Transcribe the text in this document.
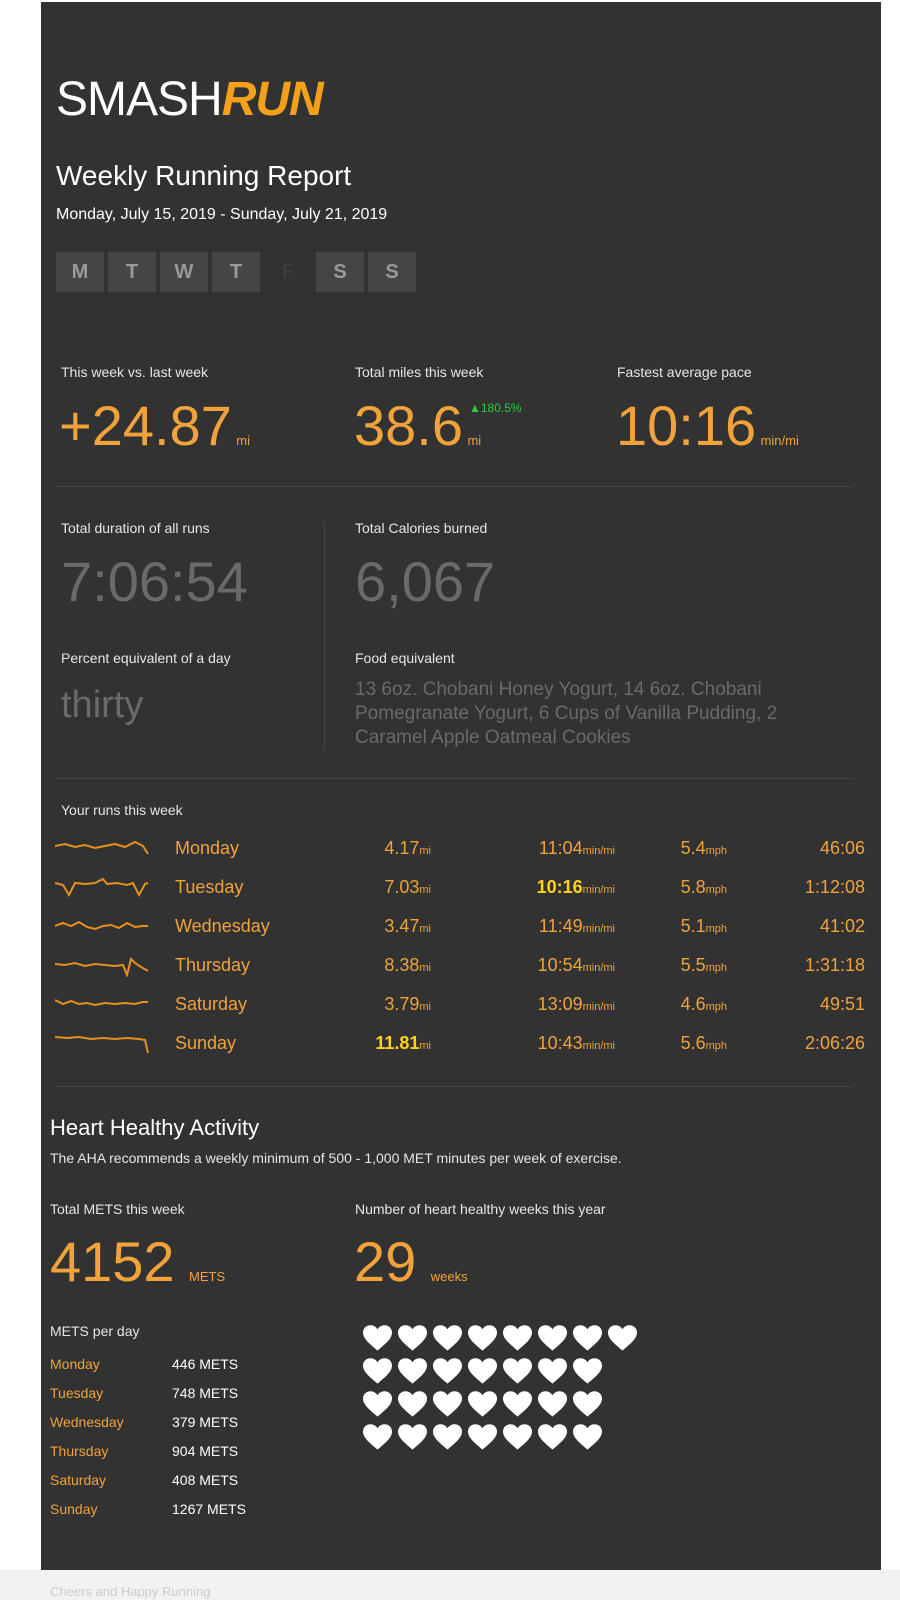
SMASHRUN
Weekly Running Report
Monday, July 15, 2019 - Sunday, July 21, 2019
M	T	W	T	F	S	S
This week vs. last week
+24.87 mi
Total miles this week
38.6 mi
▲180.5%
Fastest average pace
10:16 min/mi
Total duration of all runs
7:06:54
Total Calories burned
6,067
Percent equivalent of a day
thirty
Food equivalent
13 6oz. Chobani Honey Yogurt, 14 6oz. Chobani Pomegranate Yogurt, 6 Cups of Vanilla Pudding, 2 Caramel Apple Oatmeal Cookies
Your runs this week
Monday	4.17mi	11:04min/mi	5.4mph	46:06
Tuesday	7.03mi	10:16min/mi	5.8mph	1:12:08
Wednesday	3.47mi	11:49min/mi	5.1mph	41:02
Thursday	8.38mi	10:54min/mi	5.5mph	1:31:18
Saturday	3.79mi	13:09min/mi	4.6mph	49:51
Sunday	11.81mi	10:43min/mi	5.6mph	2:06:26
Heart Healthy Activity
The AHA recommends a weekly minimum of 500 - 1,000 MET minutes per week of exercise.
Total METS this week
4152 METS
Number of heart healthy weeks this year
29 weeks
METS per day
Monday	446 METS
Tuesday	748 METS
Wednesday	379 METS
Thursday	904 METS
Saturday	408 METS
Sunday	1267 METS
Cheers and Happy Running
